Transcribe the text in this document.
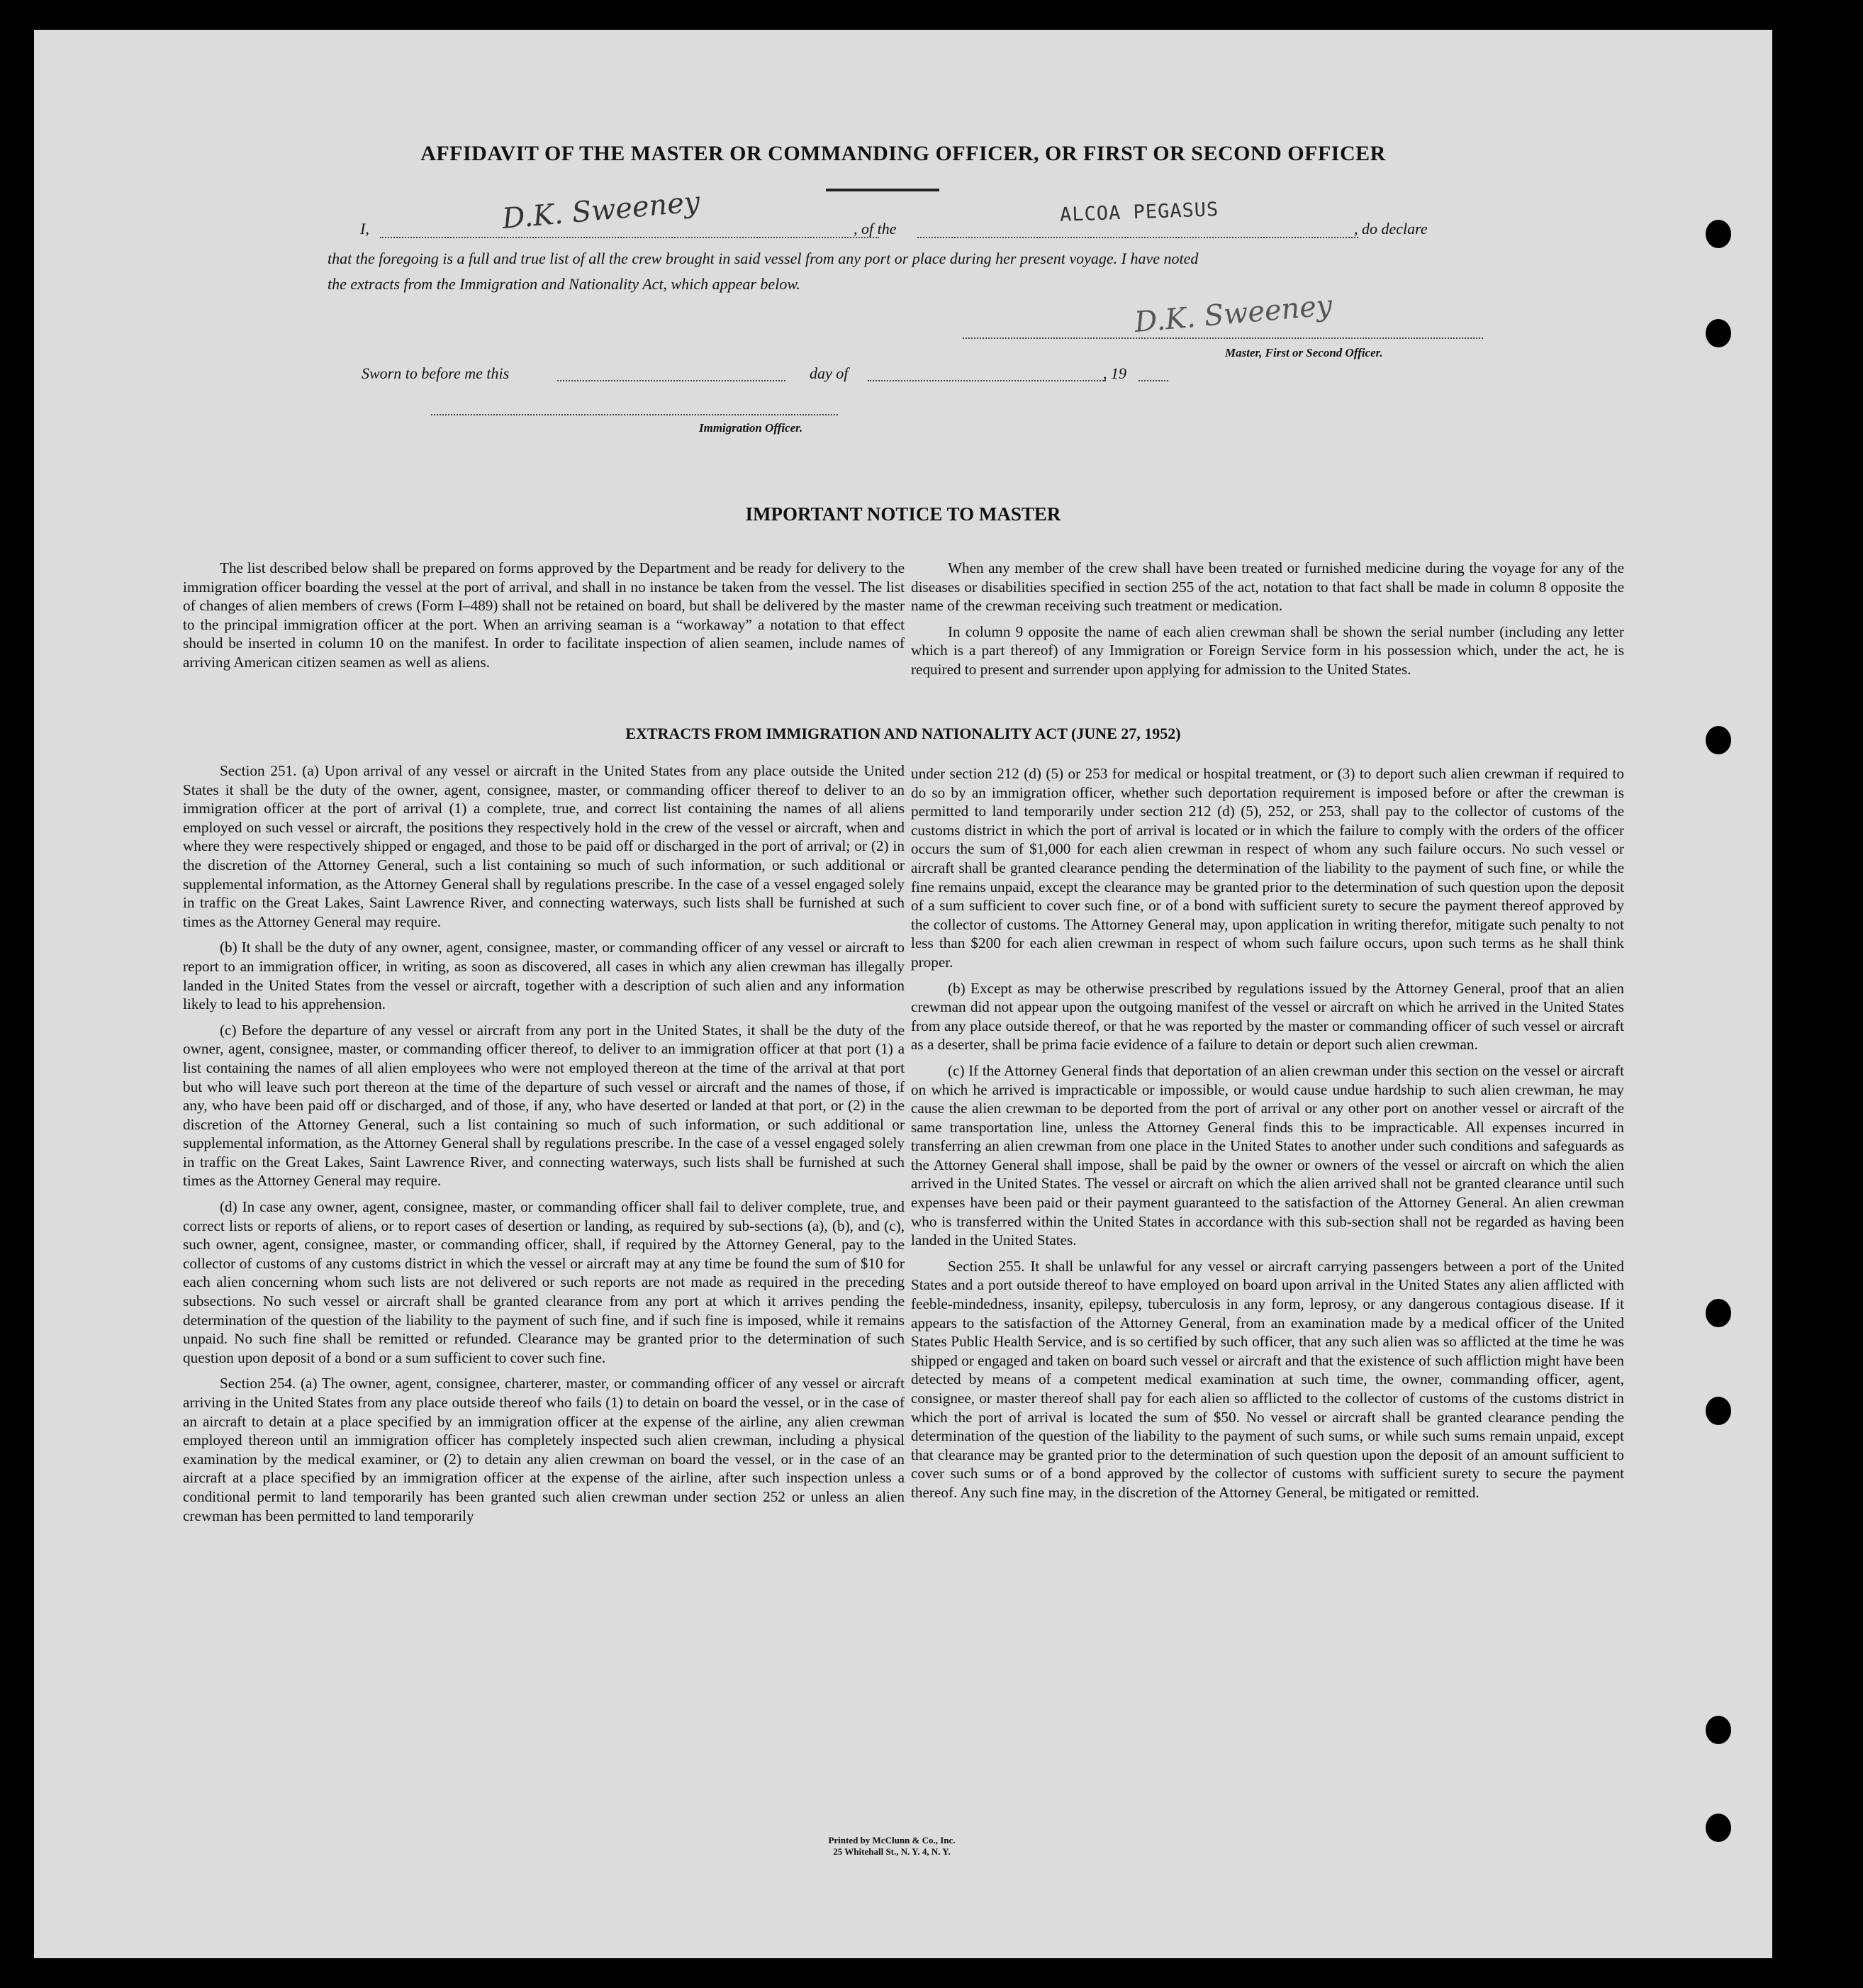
AFFIDAVIT OF THE MASTER OR COMMANDING OFFICER, OR FIRST OR SECOND OFFICER
I,	D.K. Sweeney	, of the
ALCOA PEGASUS
, do declare
that the foregoing is a full and true list of all the crew brought in said vessel from any port or place during her present voyage. I have noted
the extracts from the Immigration and Nationality Act, which appear below.
D.K. Sweeney
Master, First or Second Officer.
Sworn to before me this	day of	, 19
Immigration Officer.
IMPORTANT NOTICE TO MASTER

The list described below shall be prepared on forms approved by the Department and be ready for delivery to the immigration officer boarding the vessel at the port of arrival, and shall in no instance be taken from the vessel. The list of changes of alien members of crews (Form I–489) shall not be retained on board, but shall be delivered by the master to the principal immigration officer at the port. When an arriving seaman is a “workaway” a notation to that effect should be inserted in column 10 on the manifest. In order to facilitate inspection of alien seamen, include names of arriving American citizen seamen as well as aliens.

When any member of the crew shall have been treated or furnished medicine during the voyage for any of the diseases or disabilities specified in section 255 of the act, notation to that fact shall be made in column 8 opposite the name of the crewman receiving such treatment or medication.

In column 9 opposite the name of each alien crewman shall be shown the serial number (including any letter which is a part thereof) of any Immigration or Foreign Service form in his possession which, under the act, he is required to present and surrender upon applying for admission to the United States.

EXTRACTS FROM IMMIGRATION AND NATIONALITY ACT (JUNE 27, 1952)

Section 251. (a) Upon arrival of any vessel or aircraft in the United States from any place outside the United States it shall be the duty of the owner, agent, consignee, master, or commanding officer thereof to deliver to an immigration officer at the port of arrival (1) a complete, true, and correct list containing the names of all aliens employed on such vessel or aircraft, the positions they respectively hold in the crew of the vessel or aircraft, when and where they were respectively shipped or engaged, and those to be paid off or discharged in the port of arrival; or (2) in the discretion of the Attorney General, such a list containing so much of such information, or such additional or supplemental information, as the Attorney General shall by regulations prescribe. In the case of a vessel engaged solely in traffic on the Great Lakes, Saint Lawrence River, and connecting waterways, such lists shall be furnished at such times as the Attorney General may require.

(b) It shall be the duty of any owner, agent, consignee, master, or commanding officer of any vessel or aircraft to report to an immigration officer, in writing, as soon as discovered, all cases in which any alien crewman has illegally landed in the United States from the vessel or aircraft, together with a description of such alien and any information likely to lead to his apprehension.

(c) Before the departure of any vessel or aircraft from any port in the United States, it shall be the duty of the owner, agent, consignee, master, or commanding officer thereof, to deliver to an immigration officer at that port (1) a list containing the names of all alien employees who were not employed thereon at the time of the arrival at that port but who will leave such port thereon at the time of the departure of such vessel or aircraft and the names of those, if any, who have been paid off or discharged, and of those, if any, who have deserted or landed at that port, or (2) in the discretion of the Attorney General, such a list containing so much of such information, or such additional or supplemental information, as the Attorney General shall by regulations prescribe. In the case of a vessel engaged solely in traffic on the Great Lakes, Saint Lawrence River, and connecting waterways, such lists shall be furnished at such times as the Attorney General may require.

(d) In case any owner, agent, consignee, master, or commanding officer shall fail to deliver complete, true, and correct lists or reports of aliens, or to report cases of desertion or landing, as required by sub-sections (a), (b), and (c), such owner, agent, consignee, master, or commanding officer, shall, if required by the Attorney General, pay to the collector of customs of any customs district in which the vessel or aircraft may at any time be found the sum of $10 for each alien concerning whom such lists are not delivered or such reports are not made as required in the preceding subsections. No such vessel or aircraft shall be granted clearance from any port at which it arrives pending the determination of the question of the liability to the payment of such fine, and if such fine is imposed, while it remains unpaid. No such fine shall be remitted or refunded. Clearance may be granted prior to the determination of such question upon deposit of a bond or a sum sufficient to cover such fine.

Section 254. (a) The owner, agent, consignee, charterer, master, or commanding officer of any vessel or aircraft arriving in the United States from any place outside thereof who fails (1) to detain on board the vessel, or in the case of an aircraft to detain at a place specified by an immigration officer at the expense of the airline, any alien crewman employed thereon until an immigration officer has completely inspected such alien crewman, including a physical examination by the medical examiner, or (2) to detain any alien crewman on board the vessel, or in the case of an aircraft at a place specified by an immigration officer at the expense of the airline, after such inspection unless a conditional permit to land temporarily has been granted such alien crewman under section 252 or unless an alien crewman has been permitted to land temporarily

under section 212 (d) (5) or 253 for medical or hospital treatment, or (3) to deport such alien crewman if required to do so by an immigration officer, whether such deportation requirement is imposed before or after the crewman is permitted to land temporarily under section 212 (d) (5), 252, or 253, shall pay to the collector of customs of the customs district in which the port of arrival is located or in which the failure to comply with the orders of the officer occurs the sum of $1,000 for each alien crewman in respect of whom any such failure occurs. No such vessel or aircraft shall be granted clearance pending the determination of the liability to the payment of such fine, or while the fine remains unpaid, except the clearance may be granted prior to the determination of such question upon the deposit of a sum sufficient to cover such fine, or of a bond with sufficient surety to secure the payment thereof approved by the collector of customs. The Attorney General may, upon application in writing therefor, mitigate such penalty to not less than $200 for each alien crewman in respect of whom such failure occurs, upon such terms as he shall think proper.

(b) Except as may be otherwise prescribed by regulations issued by the Attorney General, proof that an alien crewman did not appear upon the outgoing manifest of the vessel or aircraft on which he arrived in the United States from any place outside thereof, or that he was reported by the master or commanding officer of such vessel or aircraft as a deserter, shall be prima facie evidence of a failure to detain or deport such alien crewman.

(c) If the Attorney General finds that deportation of an alien crewman under this section on the vessel or aircraft on which he arrived is impracticable or impossible, or would cause undue hardship to such alien crewman, he may cause the alien crewman to be deported from the port of arrival or any other port on another vessel or aircraft of the same transportation line, unless the Attorney General finds this to be impracticable. All expenses incurred in transferring an alien crewman from one place in the United States to another under such conditions and safeguards as the Attorney General shall impose, shall be paid by the owner or owners of the vessel or aircraft on which the alien arrived in the United States. The vessel or aircraft on which the alien arrived shall not be granted clearance until such expenses have been paid or their payment guaranteed to the satisfaction of the Attorney General. An alien crewman who is transferred within the United States in accordance with this sub-section shall not be regarded as having been landed in the United States.

Section 255. It shall be unlawful for any vessel or aircraft carrying passengers between a port of the United States and a port outside thereof to have employed on board upon arrival in the United States any alien afflicted with feeble-mindedness, insanity, epilepsy, tuberculosis in any form, leprosy, or any dangerous contagious disease. If it appears to the satisfaction of the Attorney General, from an examination made by a medical officer of the United States Public Health Service, and is so certified by such officer, that any such alien was so afflicted at the time he was shipped or engaged and taken on board such vessel or aircraft and that the existence of such affliction might have been detected by means of a competent medical examination at such time, the owner, commanding officer, agent, consignee, or master thereof shall pay for each alien so afflicted to the collector of customs of the customs district in which the port of arrival is located the sum of $50. No vessel or aircraft shall be granted clearance pending the determination of the question of the liability to the payment of such sums, or while such sums remain unpaid, except that clearance may be granted prior to the determination of such question upon the deposit of an amount sufficient to cover such sums or of a bond approved by the collector of customs with sufficient surety to secure the payment thereof. Any such fine may, in the discretion of the Attorney General, be mitigated or remitted.

Printed by McClunn & Co., Inc.
25 Whitehall St., N. Y. 4, N. Y.
